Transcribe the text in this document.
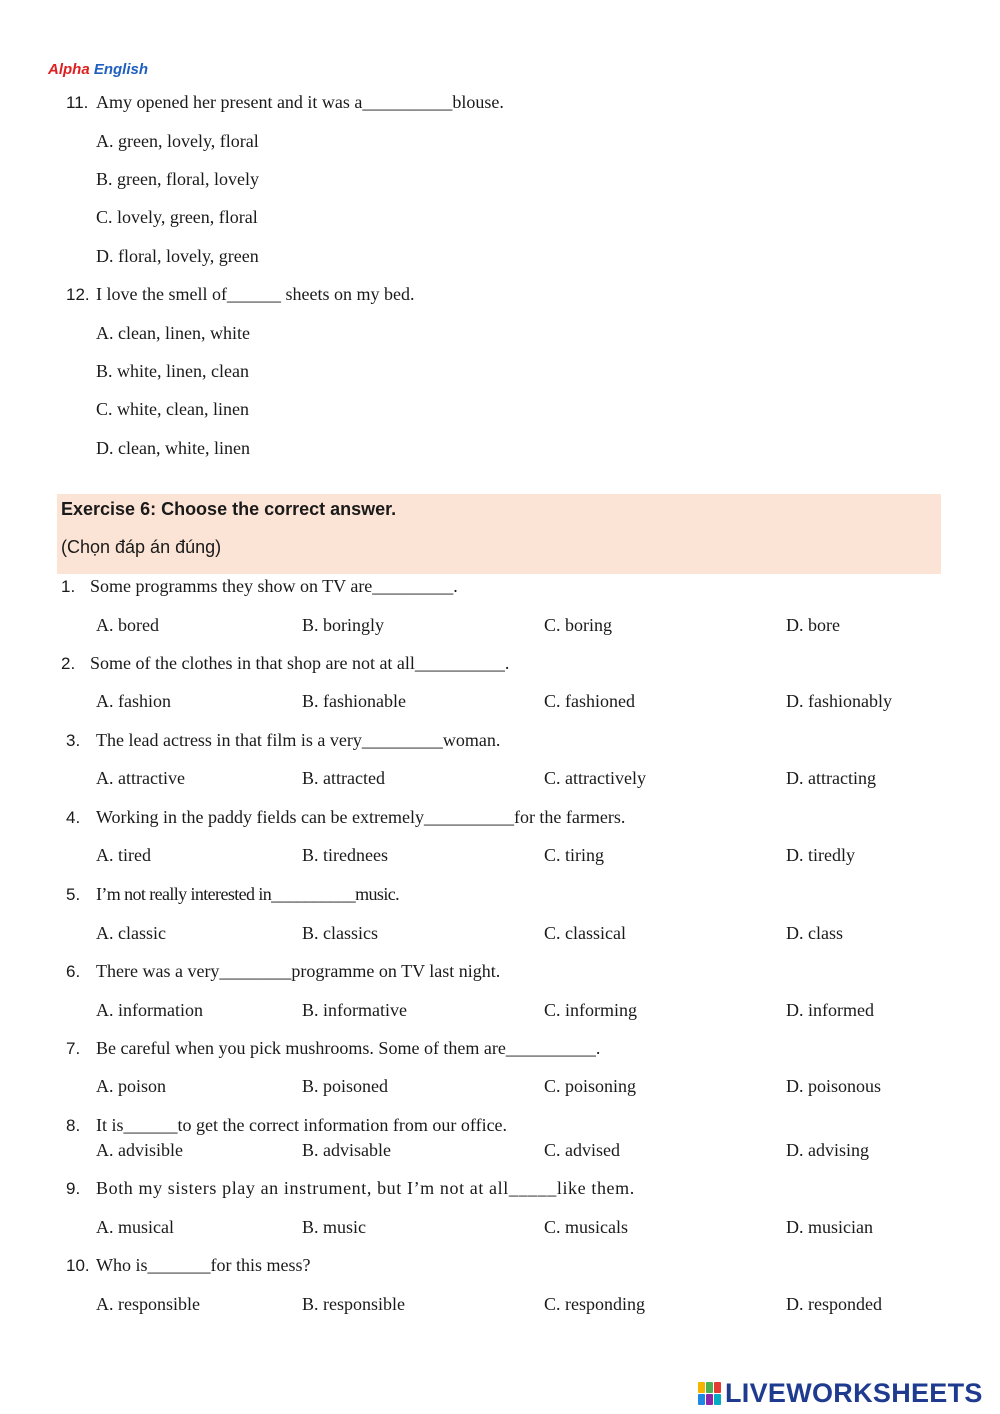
Alpha English
11. Amy opened her present and it was a__________blouse.
A. green, lovely, floral
B. green, floral, lovely
C. lovely, green, floral
D. floral, lovely, green
12. I love the smell of______ sheets on my bed.
A. clean, linen, white
B. white, linen, clean
C. white, clean, linen
D. clean, white, linen
Exercise 6: Choose the correct answer.
(Chọn đáp án đúng)
1. Some programms they show on TV are_________.
A. bored	B. boringly	C. boring	D. bore
2. Some of the clothes in that shop are not at all__________.
A. fashion	B. fashionable	C. fashioned	D. fashionably
3. The lead actress in that film is a very_________woman.
A. attractive	B. attracted	C. attractively	D. attracting
4. Working in the paddy fields can be extremely__________for the farmers.
A. tired	B. tirednees	C. tiring	D. tiredly
5. I’m not really interested in__________music.
A. classic	B. classics	C. classical	D. class
6. There was a very________programme on TV last night.
A. information	B. informative	C. informing	D. informed
7. Be careful when you pick mushrooms. Some of them are__________.
A. poison	B. poisoned	C. poisoning	D. poisonous
8. It is______to get the correct information from our office.
A. advisible	B. advisable	C. advised	D. advising
9. Both my sisters play an instrument, but I’m not at all_____like them.
A. musical	B. music	C. musicals	D. musician
10. Who is_______for this mess?
A. responsible	B. responsible	C. responding	D. responded
LIVEWORKSHEETS
